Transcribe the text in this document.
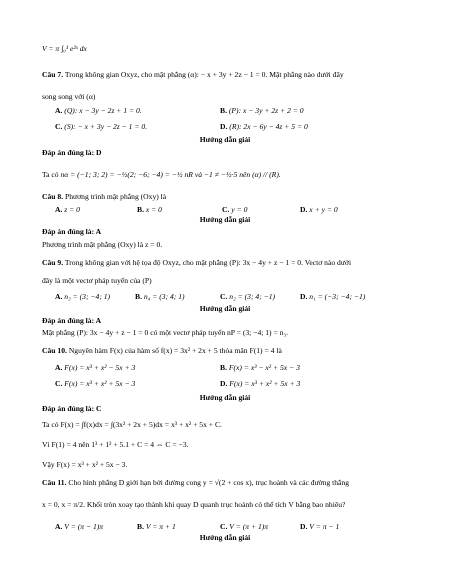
V = π ∫₀¹ e²ˣ dx
Câu 7. Trong không gian Oxyz, cho mặt phẳng (α): − x + 3y + 2z − 1 = 0. Mặt phẳng nào dưới đây
song song với (α)
A. (Q): x − 3y − 2z + 1 = 0.	B. (P): x − 3y + 2z + 2 = 0
C. (S): − x + 3y − 2z − 1 = 0.	D. (R): 2x − 6y − 4z + 5 = 0
Hướng dẫn giải
Đáp án đúng là: D
Ta có nα = (−1; 3; 2) = −½(2; −6; −4) = −½ nR và −1 ≠ −½·5 nên (α) // (R).
Câu 8. Phương trình mặt phẳng (Oxy) là
A. z = 0	B. x = 0	C. y = 0	D. x + y = 0
Hướng dẫn giải
Đáp án đúng là: A
Phương trình mặt phẳng (Oxy) là z = 0.
Câu 9. Trong không gian với hệ tọa độ Oxyz, cho mặt phẳng (P): 3x − 4y + z − 1 = 0. Vectơ nào dưới
đây là một vectơ pháp tuyến của (P)
A. n₃ = (3; −4; 1)	B. n₄ = (3; 4; 1)	C. n₂ = (3; 4; −1)	D. n₁ = (−3; −4; −1)
Hướng dẫn giải
Đáp án đúng là: A
Mặt phẳng (P): 3x − 4y + z − 1 = 0 có một vectơ pháp tuyến nP = (3; −4; 1) = n₃.
Câu 10. Nguyên hàm F(x) của hàm số f(x) = 3x² + 2x + 5 thỏa mãn F(1) = 4 là
A. F(x) = x³ + x² − 5x + 3	B. F(x) = x³ − x² + 5x − 3
C. F(x) = x³ + x² + 5x − 3	D. F(x) = x³ + x² + 5x + 3
Hướng dẫn giải
Đáp án đúng là: C
Ta có F(x) = ∫f(x)dx = ∫(3x² + 2x + 5)dx = x³ + x² + 5x + C.
Vì F(1) = 4 nên 1³ + 1² + 5.1 + C = 4 ⇔ C = −3.
Vậy F(x) = x³ + x² + 5x − 3.
Câu 11. Cho hình phẳng D giới hạn bởi đường cong y = √(2 + cos x), trục hoành và các đường thẳng
x = 0, x = π/2. Khối tròn xoay tạo thành khi quay D quanh trục hoành có thể tích V bằng bao nhiêu?
A. V = (π − 1)π	B. V = π + 1	C. V = (π + 1)π	D. V = π − 1
Hướng dẫn giải
